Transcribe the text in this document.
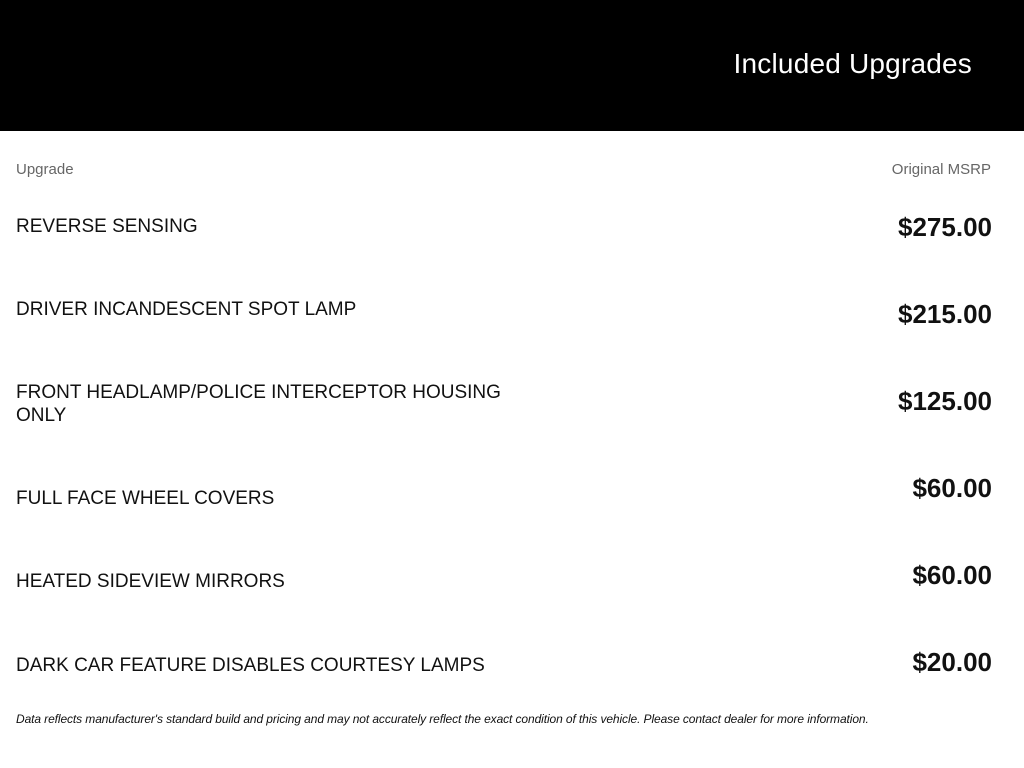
Included Upgrades
Upgrade	Original MSRP
REVERSE SENSING	$275.00
DRIVER INCANDESCENT SPOT LAMP	$215.00
FRONT HEADLAMP/POLICE INTERCEPTOR HOUSING ONLY	$125.00
FULL FACE WHEEL COVERS	$60.00
HEATED SIDEVIEW MIRRORS	$60.00
DARK CAR FEATURE DISABLES COURTESY LAMPS	$20.00
Data reflects manufacturer's standard build and pricing and may not accurately reflect the exact condition of this vehicle. Please contact dealer for more information.
